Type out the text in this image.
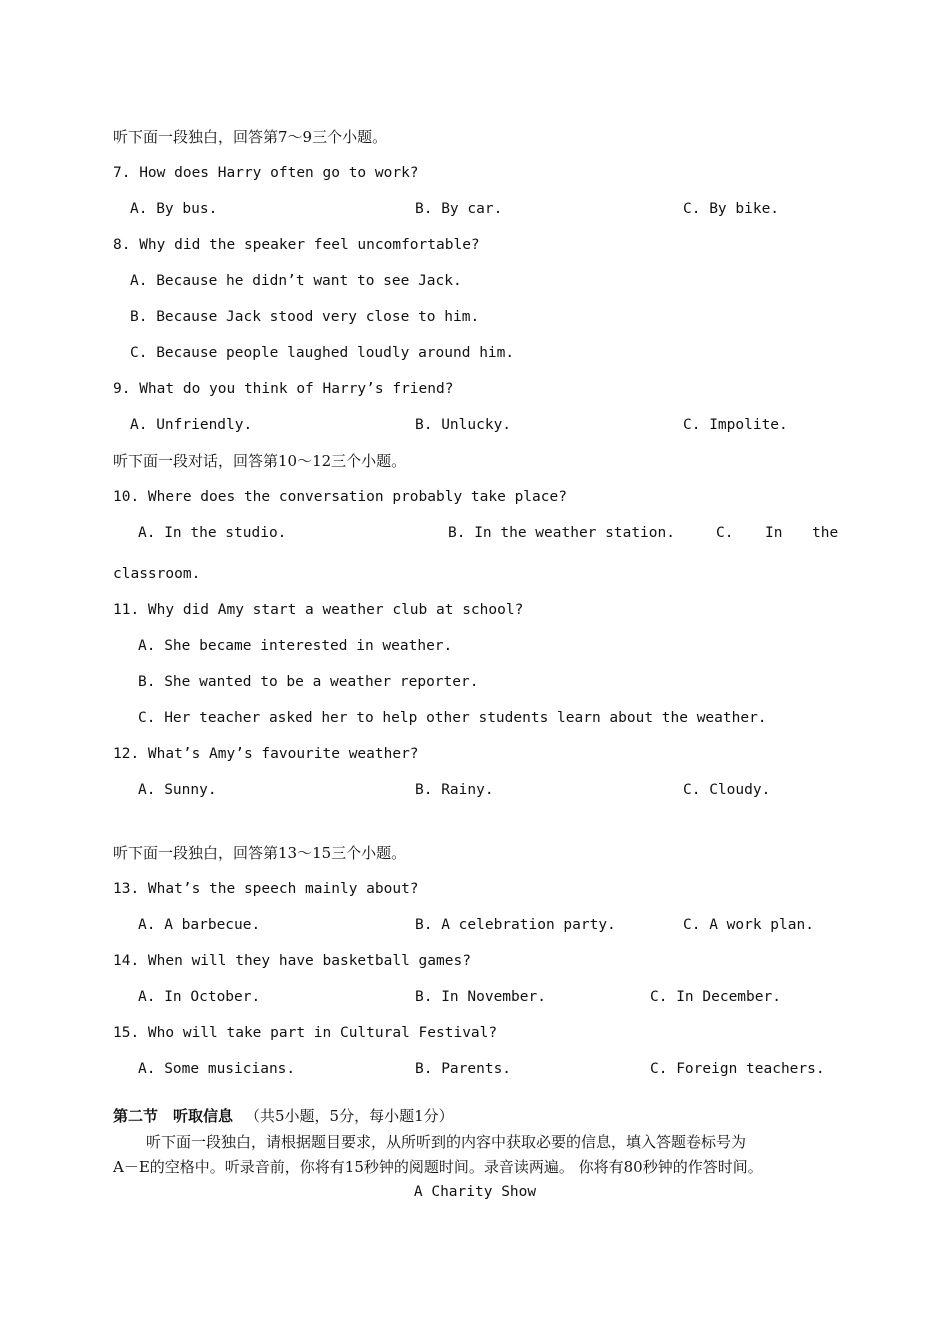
听下面一段独白，回答第7～9三个小题。
7. How does Harry often go to work?
A. By bus.	B. By car.	C. By bike.
8. Why did the speaker feel uncomfortable?
A. Because he didn’t want to see Jack.
B. Because Jack stood very close to him.
C. Because people laughed loudly around him.
9. What do you think of Harry’s friend?
A. Unfriendly.	B. Unlucky.	C. Impolite.
听下面一段对话，回答第10～12三个小题。
10. Where does the conversation probably take place?
A. In the studio.	B. In the weather station.	C. In the
classroom.
11. Why did Amy start a weather club at school?
A. She became interested in weather.
B. She wanted to be a weather reporter.
C. Her teacher asked her to help other students learn about the weather.
12. What’s Amy’s favourite weather?
A. Sunny.	B. Rainy.	C. Cloudy.
听下面一段独白，回答第13～15三个小题。
13. What’s the speech mainly about?
A. A barbecue.	B. A celebration party.	C. A work plan.
14. When will they have basketball games?
A. In October.	B. In November.	C. In December.
15. Who will take part in Cultural Festival?
A. Some musicians.	B. Parents.	C. Foreign teachers.
第二节　听取信息 （共5小题，5分，每小题1分）
听下面一段独白，请根据题目要求，从所听到的内容中获取必要的信息，填入答题卷标号为
A－E的空格中。听录音前，你将有15秒钟的阅题时间。录音读两遍。 你将有80秒钟的作答时间。
A Charity Show
